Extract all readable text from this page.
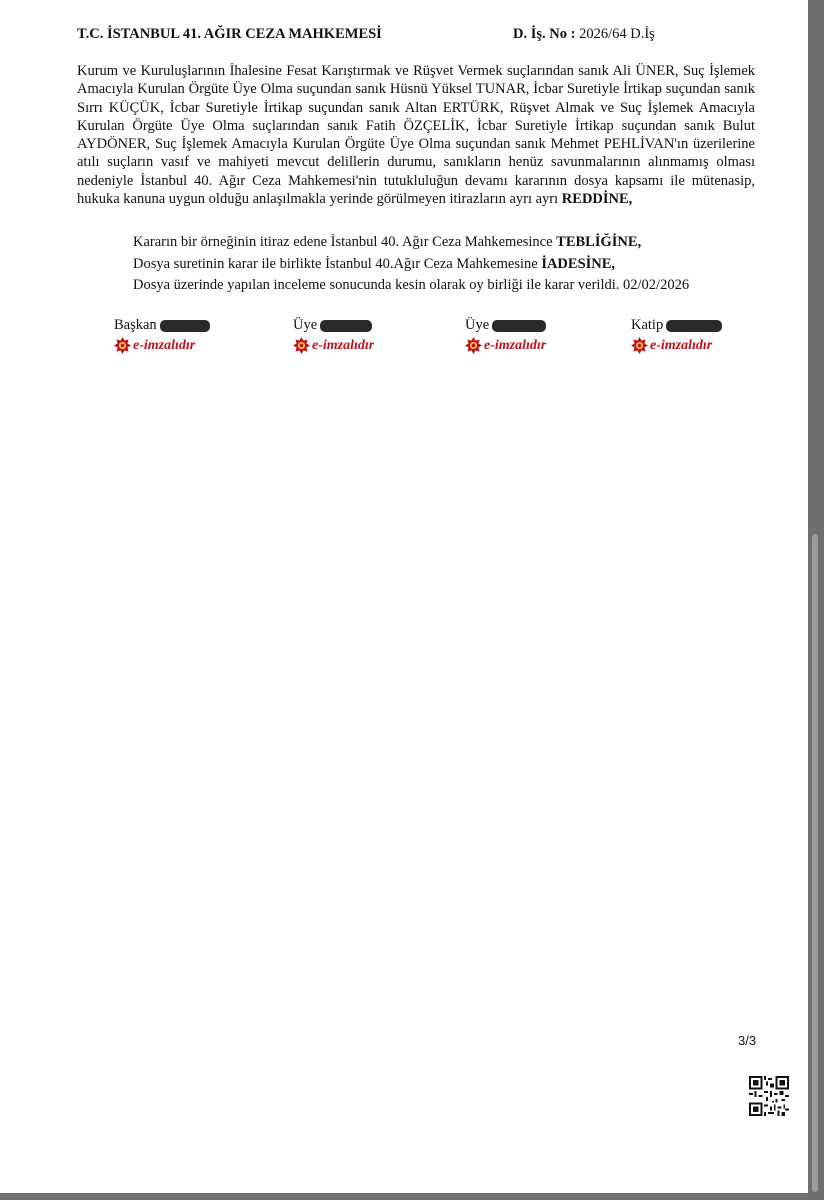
T.C. İSTANBUL 41. AĞIR CEZA MAHKEMESİ	D. İş. No : 2026/64 D.İş
Kurum ve Kuruluşlarının İhalesine Fesat Karıştırmak ve Rüşvet Vermek suçlarından sanık Ali ÜNER, Suç İşlemek Amacıyla Kurulan Örgüte Üye Olma suçundan sanık Hüsnü Yüksel TUNAR, İcbar Suretiyle İrtikap suçundan sanık Sırrı KÜÇÜK, İcbar Suretiyle İrtikap suçundan sanık Altan ERTÜRK, Rüşvet Almak ve Suç İşlemek Amacıyla Kurulan Örgüte Üye Olma suçlarından sanık Fatih ÖZÇELİK, İcbar Suretiyle İrtikap suçundan sanık Bulut AYDÖNER, Suç İşlemek Amacıyla Kurulan Örgüte Üye Olma suçundan sanık Mehmet PEHLİVAN'ın üzerilerine atılı suçların vasıf ve mahiyeti mevcut delillerin durumu, sanıkların henüz savunmalarının alınmamış olması nedeniyle İstanbul 40. Ağır Ceza Mahkemesi'nin tutukluluğun devamı kararının dosya kapsamı ile mütenasip, hukuka kanuna uygun olduğu anlaşılmakla yerinde görülmeyen itirazların ayrı ayrı REDDİNE,
Kararın bir örneğinin itiraz edene İstanbul 40. Ağır Ceza Mahkemesince TEBLİĞİNE,
Dosya suretinin karar ile birlikte İstanbul 40.Ağır Ceza Mahkemesine İADESİNE,
Dosya üzerinde yapılan inceleme sonucunda kesin olarak oy birliği ile karar verildi. 02/02/2026
Başkan
e-imzalıdır
Üye
e-imzalıdır
Üye
e-imzalıdır
Katip
e-imzalıdır
3/3
